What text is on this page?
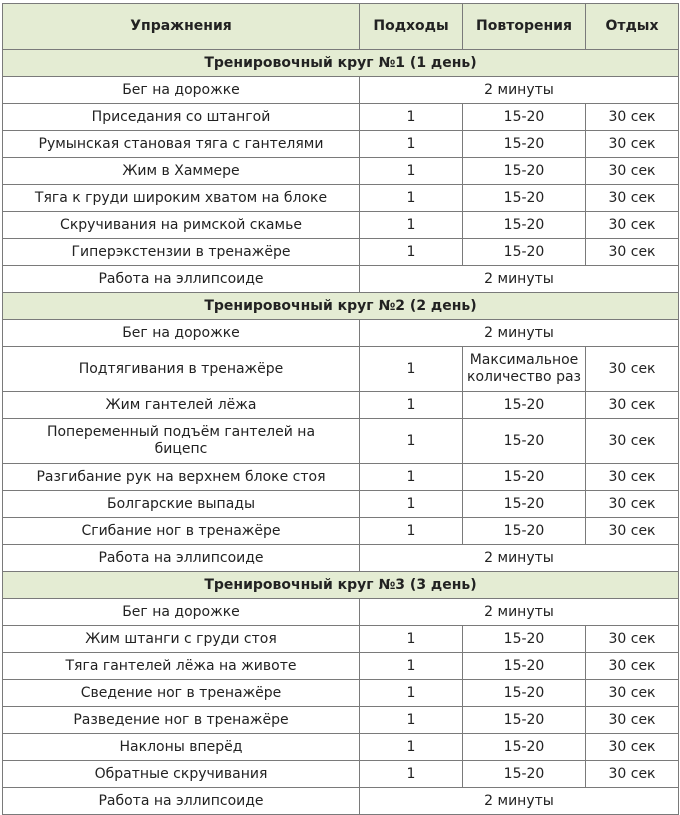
Упражнения	Подходы	Повторения	Отдых
Тренировочный круг №1 (1 день)			
Бег на дорожке	2 минуты		
Приседания со штангой	1	15-20	30 сек
Румынская становая тяга с гантелями	1	15-20	30 сек
Жим в Хаммере	1	15-20	30 сек
Тяга к груди широким хватом на блоке	1	15-20	30 сек
Скручивания на римской скамье	1	15-20	30 сек
Гиперэкстензии в тренажёре	1	15-20	30 сек
Работа на эллипсоиде	2 минуты		
Тренировочный круг №2 (2 день)			
Бег на дорожке	2 минуты		
Подтягивания в тренажёре	1	Максимальное количество раз	30 сек
Жим гантелей лёжа	1	15-20	30 сек
Попеременный подъём гантелей на бицепс	1	15-20	30 сек
Разгибание рук на верхнем блоке стоя	1	15-20	30 сек
Болгарские выпады	1	15-20	30 сек
Сгибание ног в тренажёре	1	15-20	30 сек
Работа на эллипсоиде	2 минуты		
Тренировочный круг №3 (3 день)			
Бег на дорожке	2 минуты		
Жим штанги с груди стоя	1	15-20	30 сек
Тяга гантелей лёжа на животе	1	15-20	30 сек
Сведение ног в тренажёре	1	15-20	30 сек
Разведение ног в тренажёре	1	15-20	30 сек
Наклоны вперёд	1	15-20	30 сек
Обратные скручивания	1	15-20	30 сек
Работа на эллипсоиде	2 минуты		
